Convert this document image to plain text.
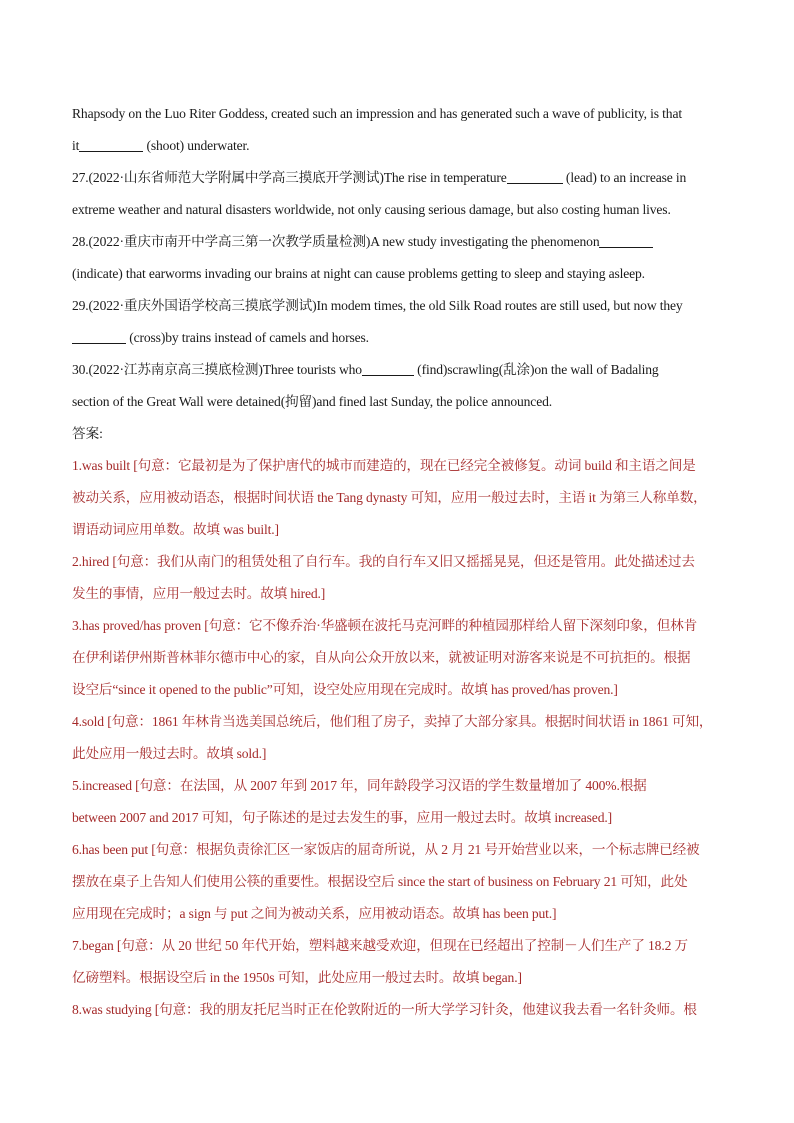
Rhapsody on the Luo Riter Goddess, created such an impression and has generated such a wave of publicity, is that
it	(shoot) underwater.
27.(2022·山东省师范大学附属中学高三摸底开学测试)The rise in temperature	(lead) to an increase in
extreme weather and natural disasters worldwide, not only causing serious damage, but also costing human lives.
28.(2022·重庆市南开中学高三第一次教学质量检测)A new study investigating the phenomenon
(indicate) that earworms invading our brains at night can cause problems getting to sleep and staying asleep.
29.(2022·重庆外国语学校高三摸底学测试)In modem times, the old Silk Road routes are still used, but now they
(cross)by trains instead of camels and horses.
30.(2022·江苏南京高三摸底检测)Three tourists who	(find)scrawling(乱涂)on the wall of Badaling
section of the Great Wall were detained(拘留)and fined last Sunday, the police announced.
答案:
1.was built [句意：它最初是为了保护唐代的城市而建造的，现在已经完全被修复。动词 build 和主语之间是
被动关系，应用被动语态，根据时间状语 the Tang dynasty 可知，应用一般过去时，主语 it 为第三人称单数，
谓语动词应用单数。故填 was built.]
2.hired [句意：我们从南门的租赁处租了自行车。我的自行车又旧又摇摇晃晃，但还是管用。此处描述过去
发生的事情，应用一般过去时。故填 hired.]
3.has proved/has proven [句意：它不像乔治·华盛顿在波托马克河畔的种植园那样给人留下深刻印象，但林肯
在伊利诺伊州斯普林菲尔德市中心的家，自从向公众开放以来，就被证明对游客来说是不可抗拒的。根据
设空后“since it opened to the public”可知，设空处应用现在完成时。故填 has proved/has proven.]
4.sold [句意：1861 年林肯当选美国总统后，他们租了房子，卖掉了大部分家具。根据时间状语 in 1861 可知，
此处应用一般过去时。故填 sold.]
5.increased [句意：在法国，从 2007 年到 2017 年，同年龄段学习汉语的学生数量增加了 400%.根据
between 2007 and 2017 可知，句子陈述的是过去发生的事，应用一般过去时。故填 increased.]
6.has been put [句意：根据负责徐汇区一家饭店的屈奇所说，从 2 月 21 号开始营业以来，一个标志牌已经被
摆放在桌子上告知人们使用公筷的重要性。根据设空后 since the start of business on February 21 可知，此处
应用现在完成时；a sign 与 put 之间为被动关系，应用被动语态。故填 has been put.]
7.began [句意：从 20 世纪 50 年代开始，塑料越来越受欢迎，但现在已经超出了控制－人们生产了 18.2 万
亿磅塑料。根据设空后 in the 1950s 可知，此处应用一般过去时。故填 began.]
8.was studying [句意：我的朋友托尼当时正在伦敦附近的一所大学学习针灸，他建议我去看一名针灸师。根
